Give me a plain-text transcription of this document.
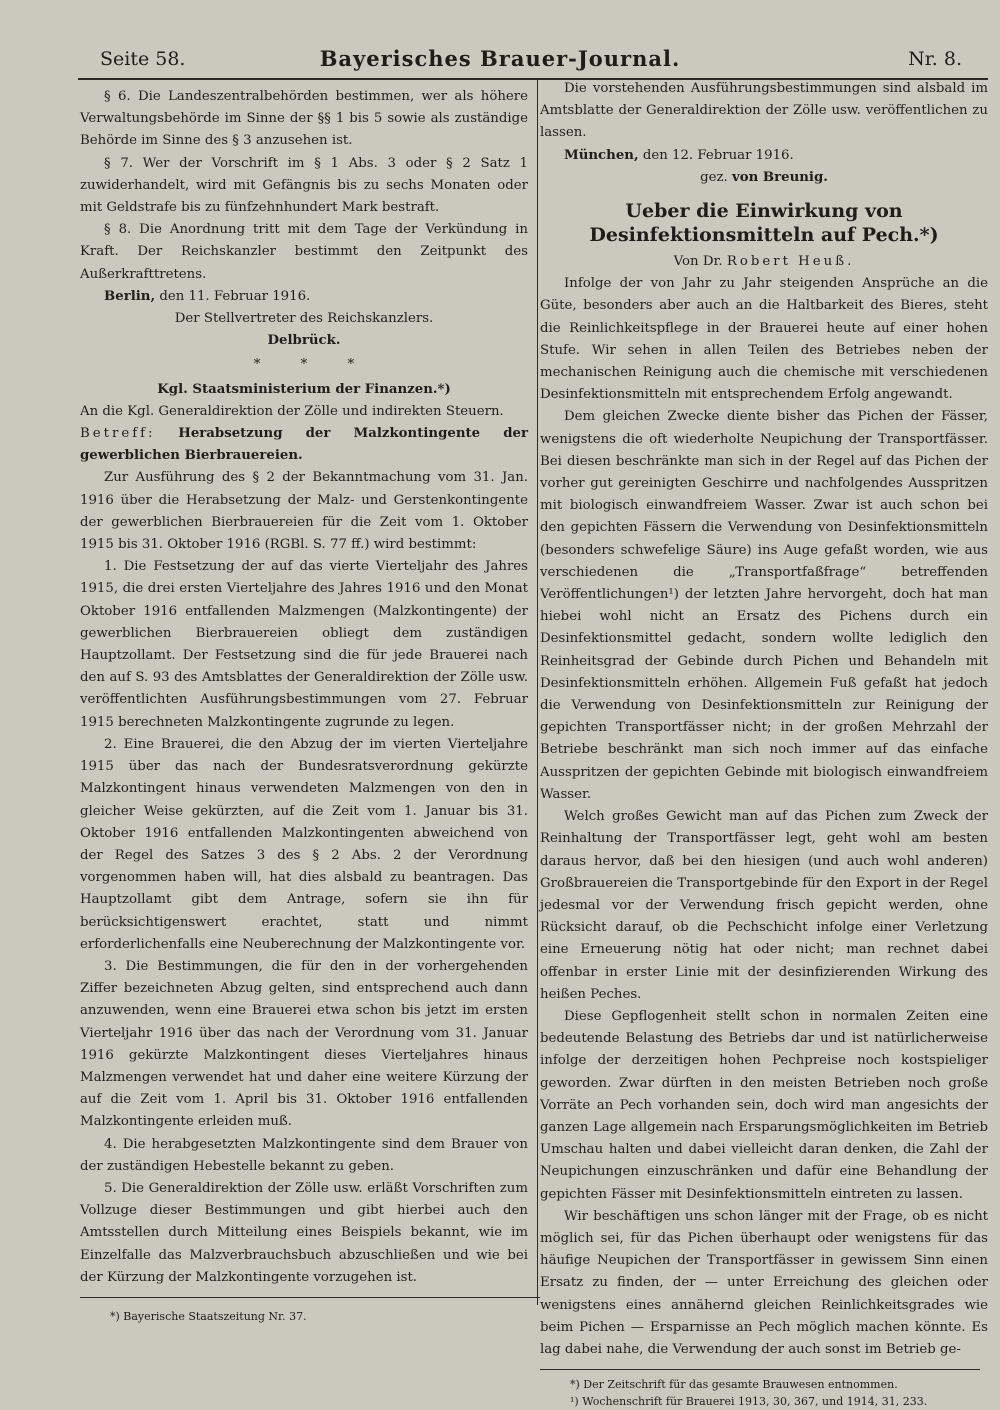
Seite 58.	Bayerisches Brauer-Journal.	Nr. 8.

§ 6. Die Landeszentralbehörden bestimmen, wer als höhere Verwaltungsbehörde im Sinne der §§ 1 bis 5 sowie als zuständige Behörde im Sinne des § 3 anzusehen ist.

§ 7. Wer der Vorschrift im § 1 Abs. 3 oder § 2 Satz 1 zuwiderhandelt, wird mit Gefängnis bis zu sechs Monaten oder mit Geldstrafe bis zu fünfzehnhundert Mark bestraft.

§ 8. Die Anordnung tritt mit dem Tage der Verkündung in Kraft. Der Reichskanzler bestimmt den Zeitpunkt des Außerkrafttretens.

Berlin, den 11. Februar 1916.

Der Stellvertreter des Reichskanzlers.

Delbrück.

* * *

Kgl. Staatsministerium der Finanzen.*)

An die Kgl. Generaldirektion der Zölle und indirekten Steuern.

Betreff: Herabsetzung der Malzkontingente der gewerblichen Bierbrauereien.

Zur Ausführung des § 2 der Bekanntmachung vom 31. Jan. 1916 über die Herabsetzung der Malz- und Gerstenkontingente der gewerblichen Bierbrauereien für die Zeit vom 1. Oktober 1915 bis 31. Oktober 1916 (RGBl. S. 77 ff.) wird bestimmt:

1. Die Festsetzung der auf das vierte Vierteljahr des Jahres 1915, die drei ersten Vierteljahre des Jahres 1916 und den Monat Oktober 1916 entfallenden Malzmengen (Malzkontingente) der gewerblichen Bierbrauereien obliegt dem zuständigen Hauptzollamt. Der Festsetzung sind die für jede Brauerei nach den auf S. 93 des Amtsblattes der Generaldirektion der Zölle usw. veröffentlichten Ausführungsbestimmungen vom 27. Februar 1915 berechneten Malzkontingente zugrunde zu legen.

2. Eine Brauerei, die den Abzug der im vierten Vierteljahre 1915 über das nach der Bundesratsverordnung gekürzte Malzkontingent hinaus verwendeten Malzmengen von den in gleicher Weise gekürzten, auf die Zeit vom 1. Januar bis 31. Oktober 1916 entfallenden Malzkontingenten abweichend von der Regel des Satzes 3 des § 2 Abs. 2 der Verordnung vorgenommen haben will, hat dies alsbald zu beantragen. Das Hauptzollamt gibt dem Antrage, sofern sie ihn für berücksichtigenswert erachtet, statt und nimmt erforderlichenfalls eine Neuberechnung der Malzkontingente vor.

3. Die Bestimmungen, die für den in der vorhergehenden Ziffer bezeichneten Abzug gelten, sind entsprechend auch dann anzuwenden, wenn eine Brauerei etwa schon bis jetzt im ersten Vierteljahr 1916 über das nach der Verordnung vom 31. Januar 1916 gekürzte Malzkontingent dieses Vierteljahres hinaus Malzmengen verwendet hat und daher eine weitere Kürzung der auf die Zeit vom 1. April bis 31. Oktober 1916 entfallenden Malzkontingente erleiden muß.

4. Die herabgesetzten Malzkontingente sind dem Brauer von der zuständigen Hebestelle bekannt zu geben.

5. Die Generaldirektion der Zölle usw. erläßt Vorschriften zum Vollzuge dieser Bestimmungen und gibt hierbei auch den Amtsstellen durch Mitteilung eines Beispiels bekannt, wie im Einzelfalle das Malzverbrauchsbuch abzuschließen und wie bei der Kürzung der Malzkontingente vorzugehen ist.

*) Bayerische Staatszeitung Nr. 37.

Die vorstehenden Ausführungsbestimmungen sind alsbald im Amtsblatte der Generaldirektion der Zölle usw. veröffentlichen zu lassen.

München, den 12. Februar 1916.

gez. von Breunig.

Ueber die Einwirkung von Desinfektionsmitteln auf Pech.*)

Von Dr. Robert Heuß.

Infolge der von Jahr zu Jahr steigenden Ansprüche an die Güte, besonders aber auch an die Haltbarkeit des Bieres, steht die Reinlichkeitspflege in der Brauerei heute auf einer hohen Stufe. Wir sehen in allen Teilen des Betriebes neben der mechanischen Reinigung auch die chemische mit verschiedenen Desinfektionsmitteln mit entsprechendem Erfolg angewandt.

Dem gleichen Zwecke diente bisher das Pichen der Fässer, wenigstens die oft wiederholte Neupichung der Transportfässer. Bei diesen beschränkte man sich in der Regel auf das Pichen der vorher gut gereinigten Geschirre und nachfolgendes Ausspritzen mit biologisch einwandfreiem Wasser. Zwar ist auch schon bei den gepichten Fässern die Verwendung von Desinfektionsmitteln (besonders schwefelige Säure) ins Auge gefaßt worden, wie aus verschiedenen die „Transportfaßfrage“ betreffenden Veröffentlichungen¹) der letzten Jahre hervorgeht, doch hat man hiebei wohl nicht an Ersatz des Pichens durch ein Desinfektionsmittel gedacht, sondern wollte lediglich den Reinheitsgrad der Gebinde durch Pichen und Behandeln mit Desinfektionsmitteln erhöhen. Allgemein Fuß gefaßt hat jedoch die Verwendung von Desinfektionsmitteln zur Reinigung der gepichten Transportfässer nicht; in der großen Mehrzahl der Betriebe beschränkt man sich noch immer auf das einfache Ausspritzen der gepichten Gebinde mit biologisch einwandfreiem Wasser.

Welch großes Gewicht man auf das Pichen zum Zweck der Reinhaltung der Transportfässer legt, geht wohl am besten daraus hervor, daß bei den hiesigen (und auch wohl anderen) Großbrauereien die Transportgebinde für den Export in der Regel jedesmal vor der Verwendung frisch gepicht werden, ohne Rücksicht darauf, ob die Pechschicht infolge einer Verletzung eine Erneuerung nötig hat oder nicht; man rechnet dabei offenbar in erster Linie mit der desinfizierenden Wirkung des heißen Peches.

Diese Gepflogenheit stellt schon in normalen Zeiten eine bedeutende Belastung des Betriebs dar und ist natürlicherweise infolge der derzeitigen hohen Pechpreise noch kostspieliger geworden. Zwar dürften in den meisten Betrieben noch große Vorräte an Pech vorhanden sein, doch wird man angesichts der ganzen Lage allgemein nach Ersparungsmöglichkeiten im Betrieb Umschau halten und dabei vielleicht daran denken, die Zahl der Neupichungen einzuschränken und dafür eine Behandlung der gepichten Fässer mit Desinfektionsmitteln eintreten zu lassen.

Wir beschäftigen uns schon länger mit der Frage, ob es nicht möglich sei, für das Pichen überhaupt oder wenigstens für das häufige Neupichen der Transportfässer in gewissem Sinn einen Ersatz zu finden, der — unter Erreichung des gleichen oder wenigstens eines annähernd gleichen Reinlichkeitsgrades wie beim Pichen — Ersparnisse an Pech möglich machen könnte. Es lag dabei nahe, die Verwendung der auch sonst im Betrieb ge-

*) Der Zeitschrift für das gesamte Brauwesen entnommen.

¹) Wochenschrift für Brauerei 1913, 30, 367, und 1914, 31, 233.
